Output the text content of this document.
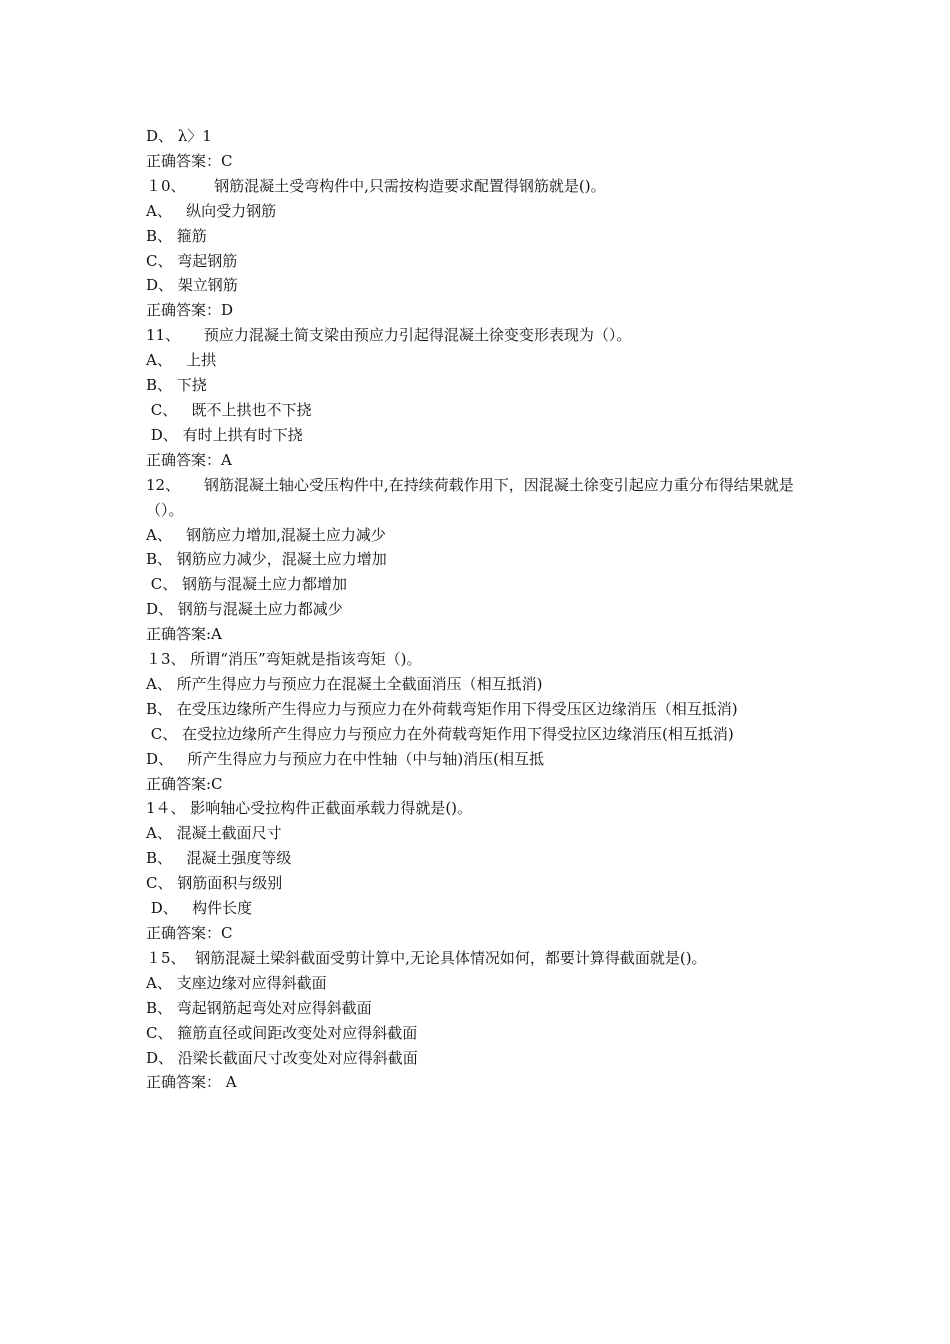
D、 λ〉1
正确答案：C
１0、      钢筋混凝土受弯构件中,只需按构造要求配置得钢筋就是()。
A、   纵向受力钢筋
B、 箍筋
C、 弯起钢筋
D、 架立钢筋
正确答案：D
11、     预应力混凝土简支梁由预应力引起得混凝土徐变变形表现为（）。
A、   上拱
B、 下挠
C、   既不上拱也不下挠
D、 有时上拱有时下挠
正确答案：A
12、     钢筋混凝土轴心受压构件中,在持续荷载作用下，因混凝土徐变引起应力重分布得结果就是（）。
A、   钢筋应力增加,混凝土应力减少
B、 钢筋应力减少，混凝土应力增加
C、 钢筋与混凝土应力都增加
D、 钢筋与混凝土应力都减少
正确答案:A
１3、 所谓“消压”弯矩就是指该弯矩（)。
A、 所产生得应力与预应力在混凝土全截面消压（相互抵消)
B、 在受压边缘所产生得应力与预应力在外荷载弯矩作用下得受压区边缘消压（相互抵消)
C、 在受拉边缘所产生得应力与预应力在外荷载弯矩作用下得受拉区边缘消压(相互抵消)
D、   所产生得应力与预应力在中性轴（中与轴)消压(相互抵
正确答案:C
1４、 影响轴心受拉构件正截面承载力得就是()。
A、 混凝土截面尺寸
B、   混凝土强度等级
C、 钢筋面积与级别
D、   构件长度
正确答案：C
１5、  钢筋混凝土梁斜截面受剪计算中,无论具体情况如何，都要计算得截面就是()。
A、 支座边缘对应得斜截面
B、 弯起钢筋起弯处对应得斜截面
C、 箍筋直径或间距改变处对应得斜截面
D、 沿梁长截面尺寸改变处对应得斜截面
正确答案： A
